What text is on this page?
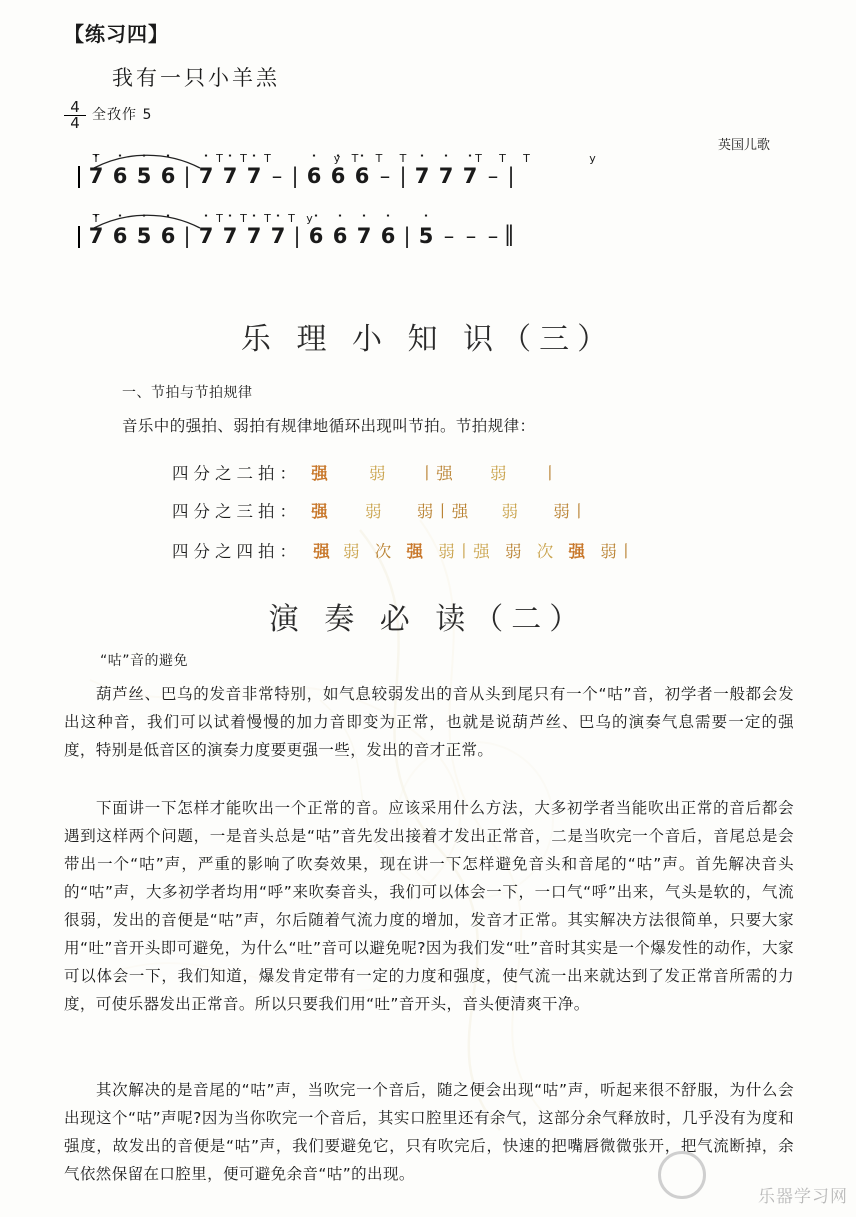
【练习四】
我有一只小羊羔
$\frac{4}{4}$ 全孜作 5
英国儿歌
T	T T T	y T T T	T T T	y
˙ 7 ˙ 6 ˙ 5 ˙ 6 | ˙ 7 ˙ 7 ˙ 7 – | ˙ 6 ˙ 6 ˙ 6 – | ˙ 7 ˙ 7 ˙ 7 – |
T	T T T T y
˙ 7 ˙ 6 ˙ 5 ˙ 6 | ˙ 7 ˙ 7 ˙ 7 ˙ 7 | ˙ 6 ˙ 6 ˙ 7 ˙ 6 | ˙ 5 – – – ‖
乐 理 小 知 识（三）
一、节拍与节拍规律
音乐中的强拍、弱拍有规律地循环出现叫节拍。节拍规律：
四分之二拍： 强 弱 丨强 弱 丨
四分之三拍： 强 弱 弱丨强 弱 弱丨
四分之四拍： 强 弱 次 强 弱丨强 弱 次 强 弱丨
演 奏 必 读（二）
“咕”音的避免
葫芦丝、巴乌的发音非常特别，如气息较弱发出的音从头到尾只有一个“咕”音，初学者一般都会发出这种音，我们可以试着慢慢的加力音即变为正常，也就是说葫芦丝、巴乌的演奏气息需要一定的强度，特别是低音区的演奏力度要更强一些，发出的音才正常。
下面讲一下怎样才能吹出一个正常的音。应该采用什么方法，大多初学者当能吹出正常的音后都会遇到这样两个问题，一是音头总是“咕”音先发出接着才发出正常音，二是当吹完一个音后，音尾总是会带出一个“咕”声，严重的影响了吹奏效果，现在讲一下怎样避免音头和音尾的“咕”声。首先解决音头的“咕”声，大多初学者均用“呼”来吹奏音头，我们可以体会一下，一口气“呼”出来，气头是软的，气流很弱，发出的音便是“咕”声，尔后随着气流力度的增加，发音才正常。其实解决方法很简单，只要大家用“吐”音开头即可避免，为什么“吐”音可以避免呢?因为我们发“吐”音时其实是一个爆发性的动作，大家可以体会一下，我们知道，爆发肯定带有一定的力度和强度，使气流一出来就达到了发正常音所需的力度，可使乐器发出正常音。所以只要我们用“吐”音开头，音头便清爽干净。
其次解决的是音尾的“咕”声，当吹完一个音后，随之便会出现“咕”声，听起来很不舒服，为什么会出现这个“咕”声呢?因为当你吹完一个音后，其实口腔里还有余气，这部分余气释放时，几乎没有为度和强度，故发出的音便是“咕”声，我们要避免它，只有吹完后，快速的把嘴唇微微张开，把气流断掉，余气依然保留在口腔里，便可避免余音“咕”的出现。
乐器学习网
